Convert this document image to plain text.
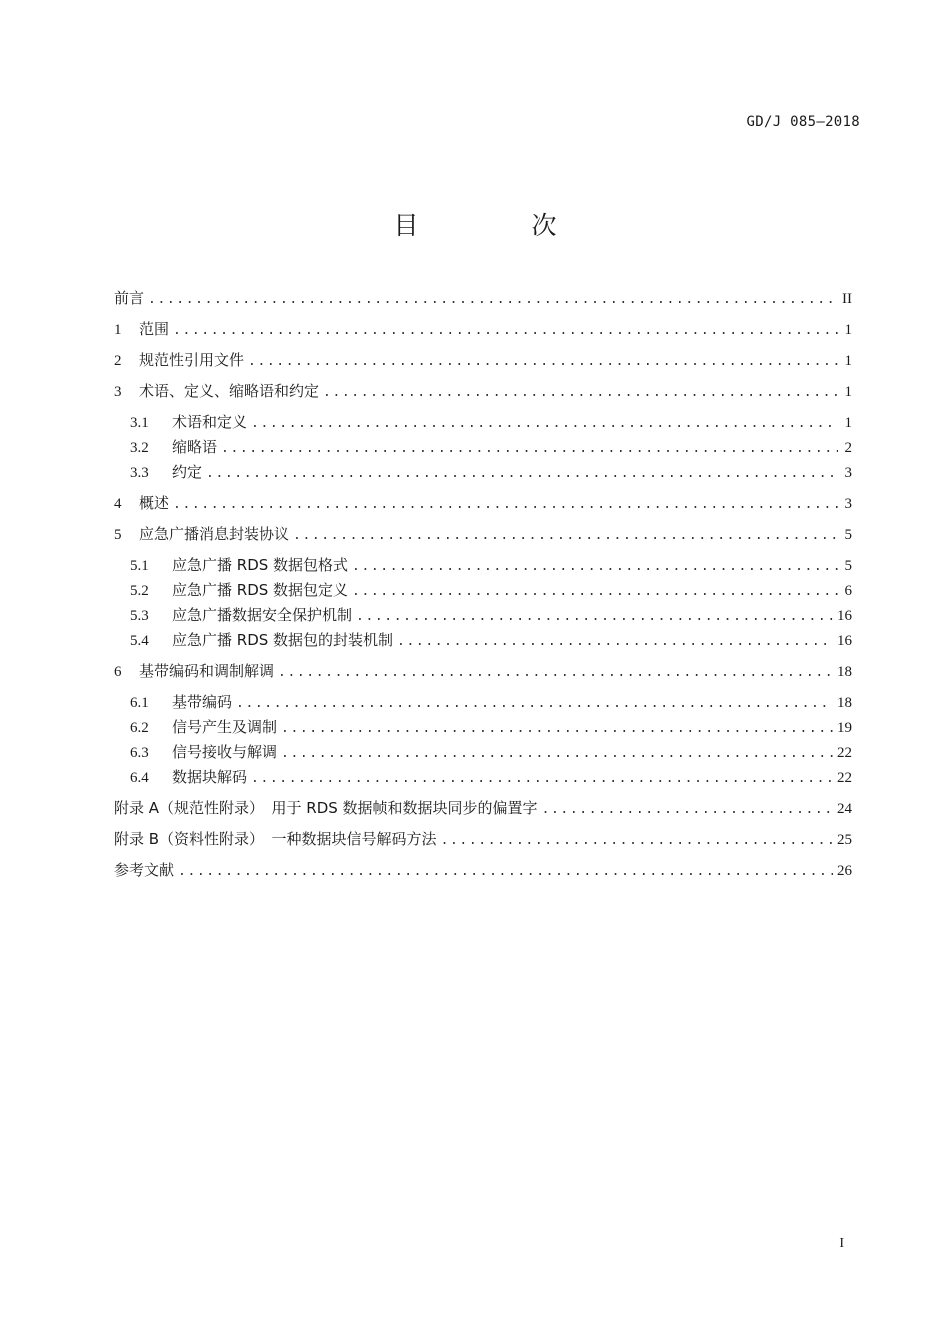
GD/J 085—2018
目　次
前言 .....	II
1	范围 .....	1
2	规范性引用文件 .....	1
3	术语、定义、缩略语和约定 .....	1
3.1	术语和定义 .....	1
3.2	缩略语 .....	2
3.3	约定 .....	3
4	概述 .....	3
5	应急广播消息封装协议 .....	5
5.1	应急广播 RDS 数据包格式 .....	5
5.2	应急广播 RDS 数据包定义 .....	6
5.3	应急广播数据安全保护机制 .....	16
5.4	应急广播 RDS 数据包的封装机制 .....	16
6	基带编码和调制解调 .....	18
6.1	基带编码 .....	18
6.2	信号产生及调制 .....	19
6.3	信号接收与解调 .....	22
6.4	数据块解码 .....	22
附录 A（规范性附录）　用于 RDS 数据帧和数据块同步的偏置字 .....	24
附录 B（资料性附录）　一种数据块信号解码方法 .....	25
参考文献 .....	26
I
